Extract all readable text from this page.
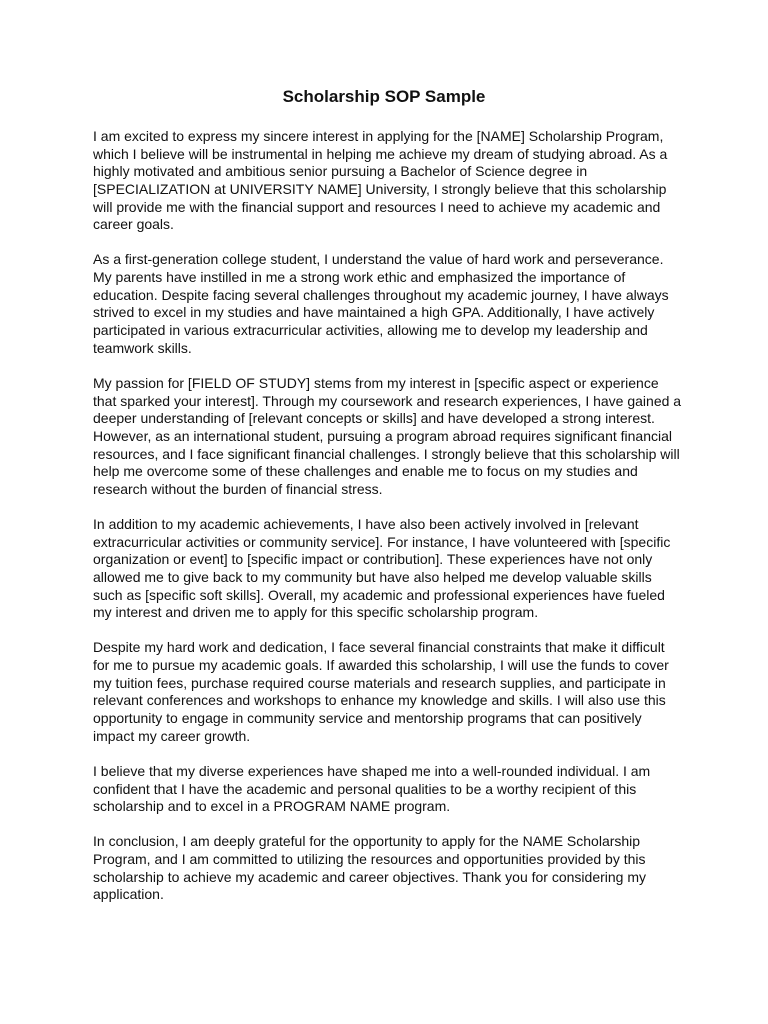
Scholarship SOP Sample

I am excited to express my sincere interest in applying for the [NAME] Scholarship Program, which I believe will be instrumental in helping me achieve my dream of studying abroad. As a highly motivated and ambitious senior pursuing a Bachelor of Science degree in [SPECIALIZATION at UNIVERSITY NAME] University, I strongly believe that this scholarship will provide me with the financial support and resources I need to achieve my academic and career goals.

As a first-generation college student, I understand the value of hard work and perseverance. My parents have instilled in me a strong work ethic and emphasized the importance of education. Despite facing several challenges throughout my academic journey, I have always strived to excel in my studies and have maintained a high GPA. Additionally, I have actively participated in various extracurricular activities, allowing me to develop my leadership and teamwork skills.

My passion for [FIELD OF STUDY] stems from my interest in [specific aspect or experience that sparked your interest]. Through my coursework and research experiences, I have gained a deeper understanding of [relevant concepts or skills] and have developed a strong interest. However, as an international student, pursuing a program abroad requires significant financial resources, and I face significant financial challenges. I strongly believe that this scholarship will help me overcome some of these challenges and enable me to focus on my studies and research without the burden of financial stress.

In addition to my academic achievements, I have also been actively involved in [relevant extracurricular activities or community service]. For instance, I have volunteered with [specific organization or event] to [specific impact or contribution]. These experiences have not only allowed me to give back to my community but have also helped me develop valuable skills such as [specific soft skills]. Overall, my academic and professional experiences have fueled my interest and driven me to apply for this specific scholarship program.

Despite my hard work and dedication, I face several financial constraints that make it difficult for me to pursue my academic goals. If awarded this scholarship, I will use the funds to cover my tuition fees, purchase required course materials and research supplies, and participate in relevant conferences and workshops to enhance my knowledge and skills. I will also use this opportunity to engage in community service and mentorship programs that can positively impact my career growth.

I believe that my diverse experiences have shaped me into a well-rounded individual. I am confident that I have the academic and personal qualities to be a worthy recipient of this scholarship and to excel in a PROGRAM NAME program.

In conclusion, I am deeply grateful for the opportunity to apply for the NAME Scholarship Program, and I am committed to utilizing the resources and opportunities provided by this scholarship to achieve my academic and career objectives. Thank you for considering my application.
